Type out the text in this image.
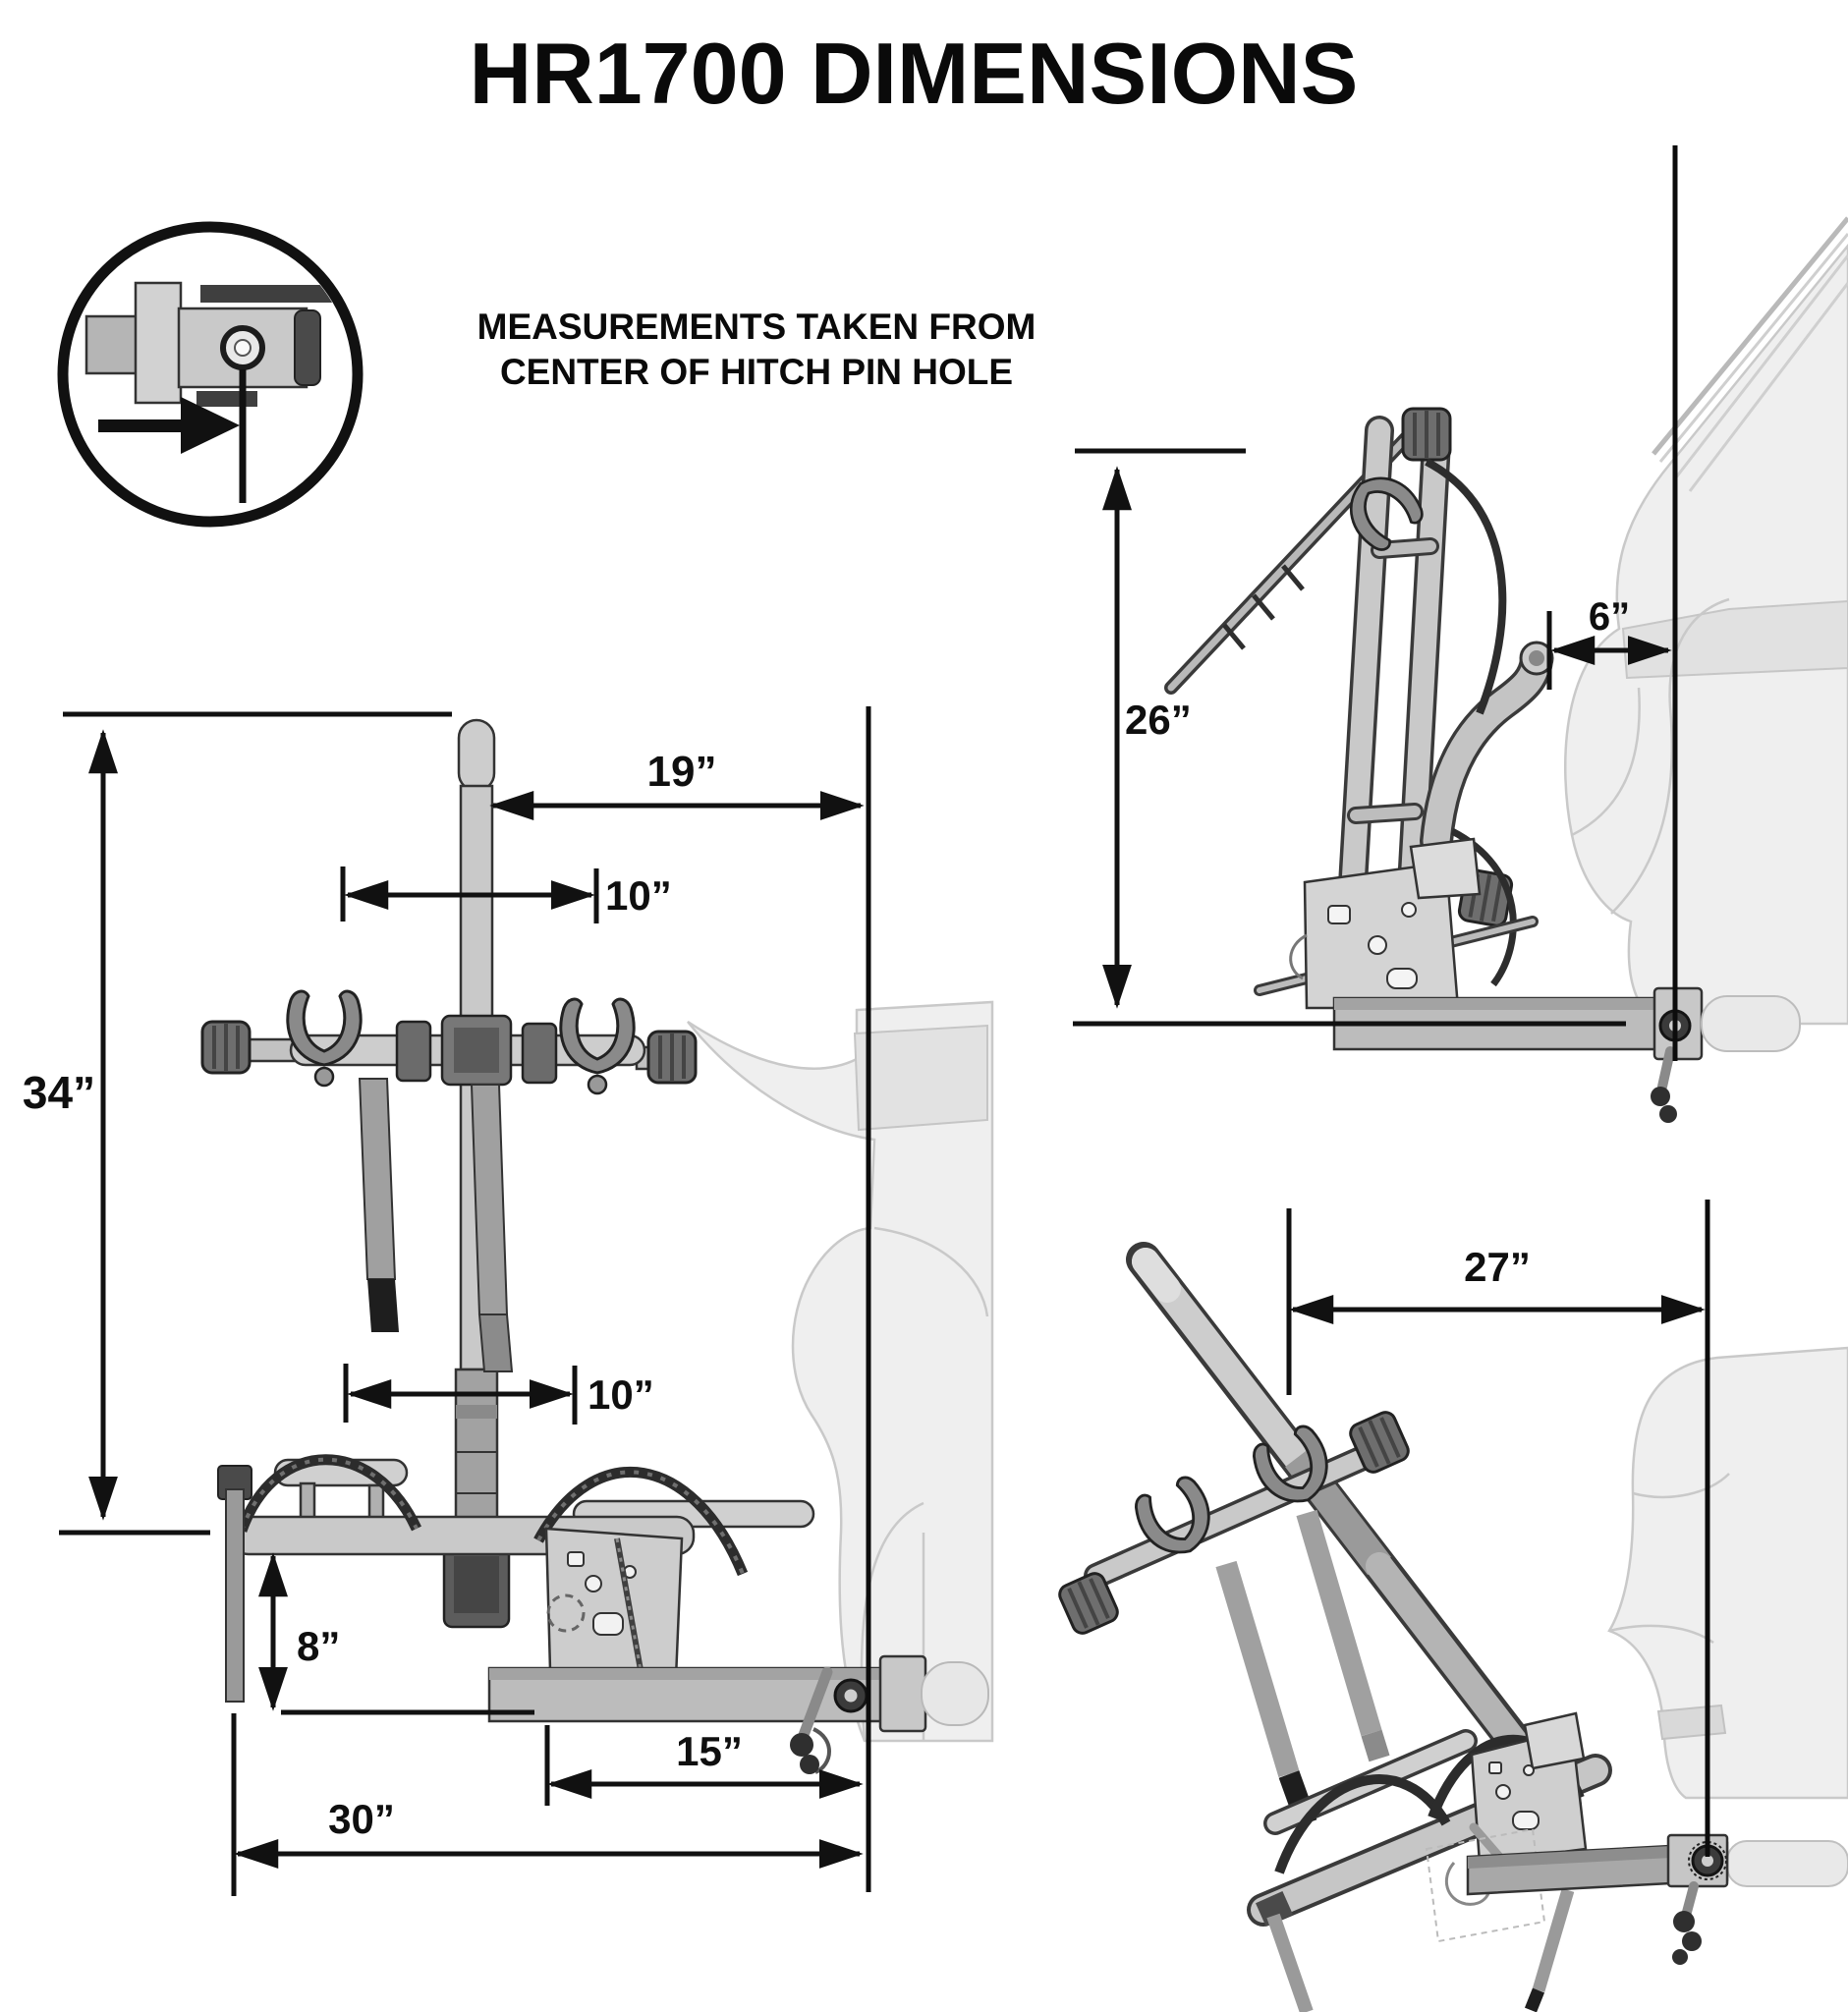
HR1700 DIMENSIONS
MEASUREMENTS TAKEN FROM
CENTER OF HITCH PIN HOLE
34”
19”
10”
10”
8”
15”
30”
26”
6”
27”
